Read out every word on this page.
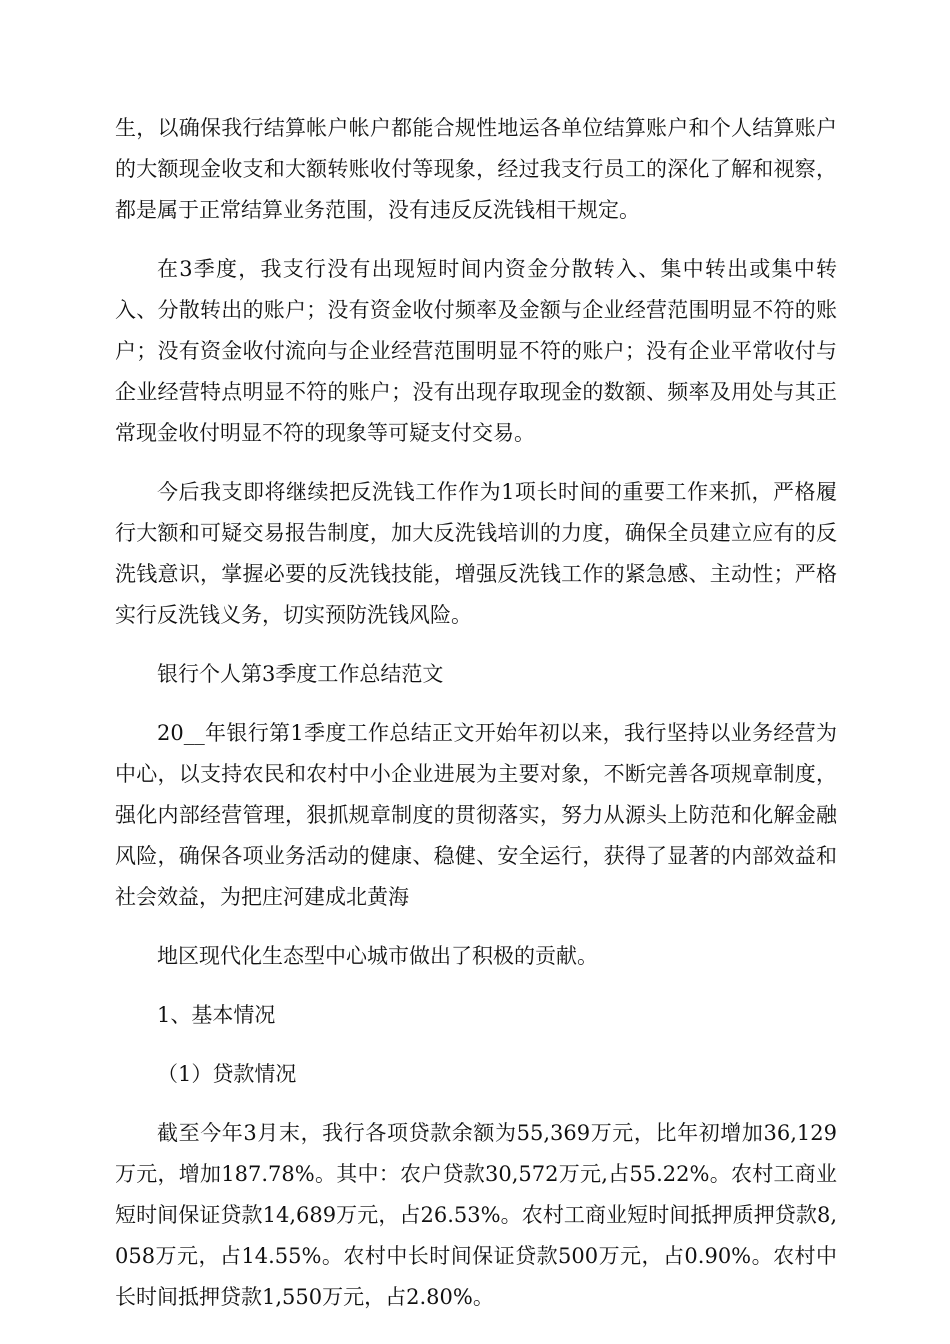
生，以确保我行结算帐户帐户都能合规性地运各单位结算账户和个人结算账户的大额现金收支和大额转账收付等现象，经过我支行员工的深化了解和视察，都是属于正常结算业务范围，没有违反反洗钱相干规定。

在3季度，我支行没有出现短时间内资金分散转入、集中转出或集中转入、分散转出的账户；没有资金收付频率及金额与企业经营范围明显不符的账户；没有资金收付流向与企业经营范围明显不符的账户；没有企业平常收付与企业经营特点明显不符的账户；没有出现存取现金的数额、频率及用处与其正常现金收付明显不符的现象等可疑支付交易。

今后我支即将继续把反洗钱工作作为1项长时间的重要工作来抓，严格履行大额和可疑交易报告制度，加大反洗钱培训的力度，确保全员建立应有的反洗钱意识，掌握必要的反洗钱技能，增强反洗钱工作的紧急感、主动性；严格实行反洗钱义务，切实预防洗钱风险。

银行个人第3季度工作总结范文

20__年银行第1季度工作总结正文开始年初以来，我行坚持以业务经营为中心，以支持农民和农村中小企业进展为主要对象，不断完善各项规章制度，强化内部经营管理，狠抓规章制度的贯彻落实，努力从源头上防范和化解金融风险，确保各项业务活动的健康、稳健、安全运行，获得了显著的内部效益和社会效益，为把庄河建成北黄海

地区现代化生态型中心城市做出了积极的贡献。

1、基本情况

（1）贷款情况

截至今年3月末，我行各项贷款余额为55,369万元，比年初增加36,129万元，增加187.78%。其中：农户贷款30,572万元,占55.22%。农村工商业短时间保证贷款14,689万元，占26.53%。农村工商业短时间抵押质押贷款8,058万元，占14.55%。农村中长时间保证贷款500万元，占0.90%。农村中长时间抵押贷款1,550万元，占2.80%。
